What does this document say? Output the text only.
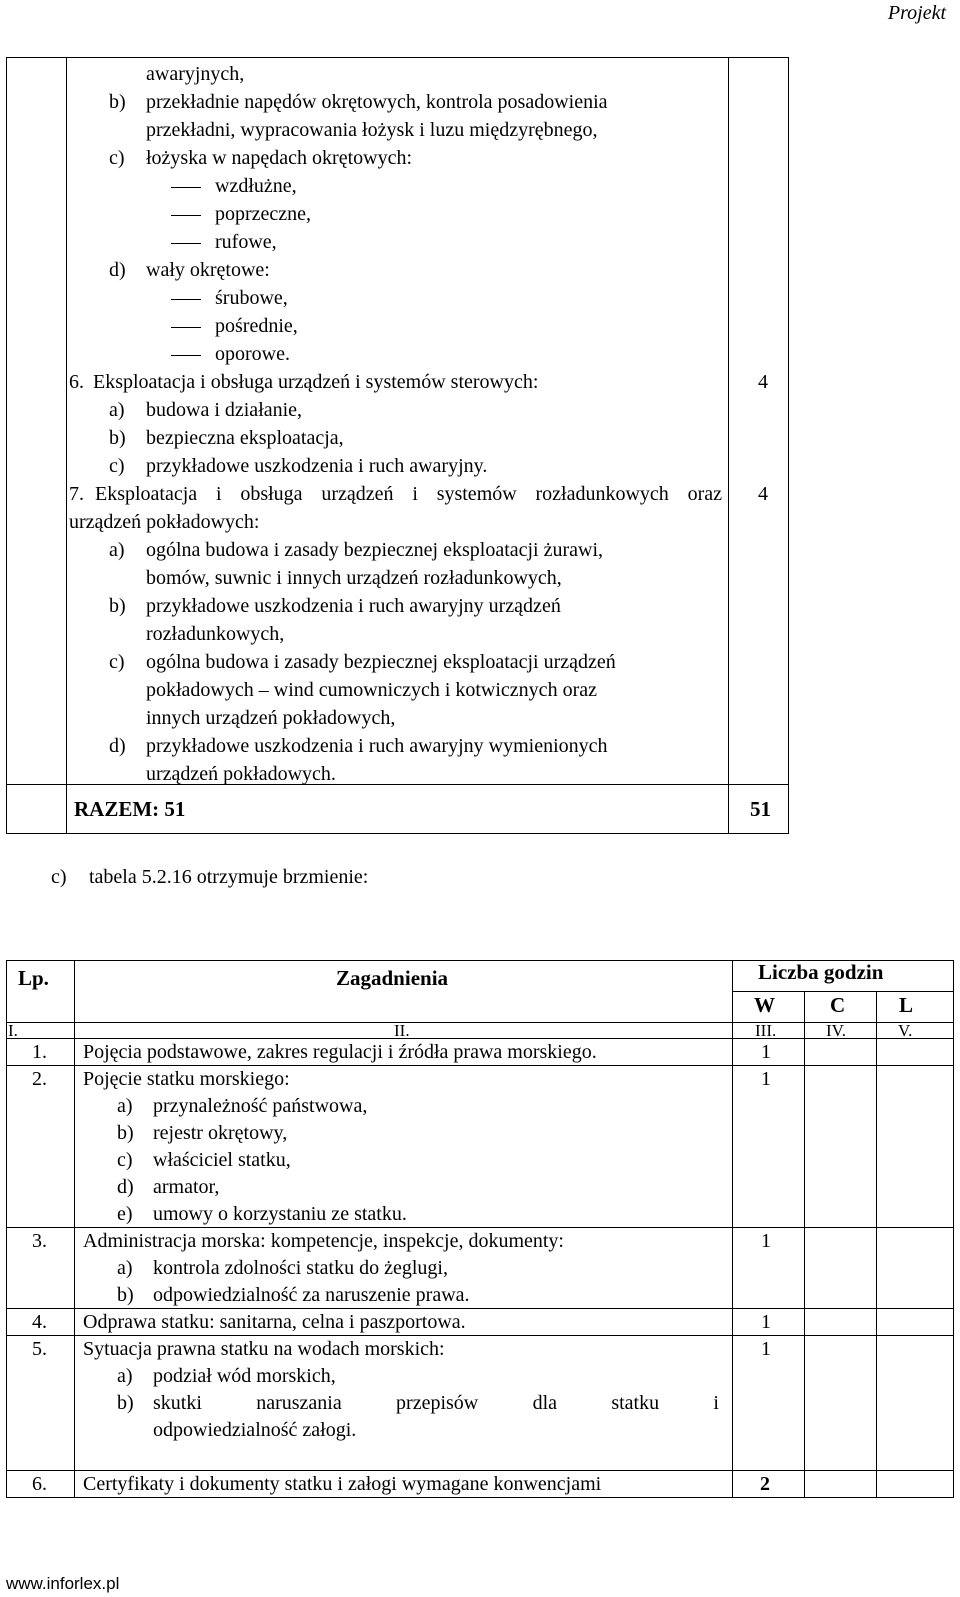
Projekt
awaryjnych,
b) przekładnie napędów okrętowych, kontrola posadowienia
przekładni, wypracowania łożysk i luzu międzyrębnego,
c) łożyska w napędach okrętowych:
wzdłużne,
poprzeczne,
rufowe,
d) wały okrętowe:
śrubowe,
pośrednie,
oporowe.
6. Eksploatacja i obsługa urządzeń i systemów sterowych:	4
a) budowa i działanie,
b) bezpieczna eksploatacja,
c) przykładowe uszkodzenia i ruch awaryjny.
7. Eksploatacja i obsługa urządzeń i systemów rozładunkowych oraz 4
urządzeń pokładowych:
a) ogólna budowa i zasady bezpiecznej eksploatacji żurawi,
bomów, suwnic i innych urządzeń rozładunkowych,
b) przykładowe uszkodzenia i ruch awaryjny urządzeń
rozładunkowych,
c) ogólna budowa i zasady bezpiecznej eksploatacji urządzeń
pokładowych – wind cumowniczych i kotwicznych oraz
innych urządzeń pokładowych,
d) przykładowe uszkodzenia i ruch awaryjny wymienionych
urządzeń pokładowych.
RAZEM: 51	51
c) tabela 5.2.16 otrzymuje brzmienie:
Lp.	Zagadnienia	Liczba godzin
W	C	L
I.	II.	III.	IV.	V.
1. Pojęcia podstawowe, zakres regulacji i źródła prawa morskiego.	1
2. Pojęcie statku morskiego:	1
a) przynależność państwowa,
b) rejestr okrętowy,
c) właściciel statku,
d) armator,
e) umowy o korzystaniu ze statku.
3. Administracja morska: kompetencje, inspekcje, dokumenty:	1
a) kontrola zdolności statku do żeglugi,
b) odpowiedzialność za naruszenie prawa.
4. Odprawa statku: sanitarna, celna i paszportowa.	1
5. Sytuacja prawna statku na wodach morskich:	1
a) podział wód morskich,
b) skutki	naruszania	przepisów	dla	statku	i
odpowiedzialność załogi.
6. Certyfikaty i dokumenty statku i załogi wymagane konwencjami	2
www.inforlex.pl
